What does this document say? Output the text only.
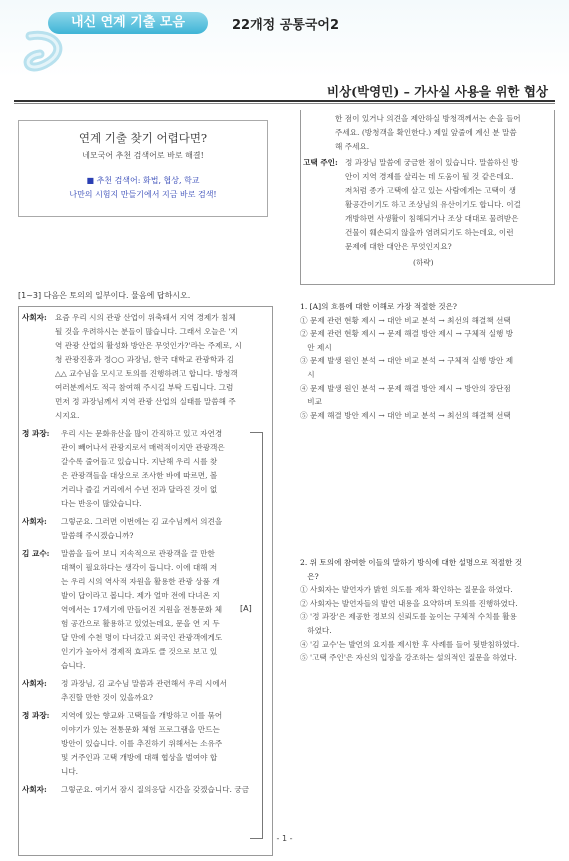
내신 연계 기출 모음	22개정 공통국어2
비상(박영민) – 가사실 사용을 위한 협상
연계 기출 찾기 어렵다면?
네모국어 추천 검색어로 바로 해결!
■ 추천 검색어: 화법, 협상, 학교
나만의 시험지 만들기에서 지금 바로 검색!
한 점이 있거나 의견을 제안하실 방청객께서는 손을 들어
주세요. (방청객을 확인한다.) 제일 앞줄에 계신 분 말씀
해 주세요.
고택 주인: 정 과장님 말씀에 궁금한 점이 있습니다. 말씀하신 방
안이 지역 경제를 살리는 데 도움이 될 것 같은데요.
저처럼 종가 고택에 살고 있는 사람에게는 고택이 생
활공간이기도 하고 조상님의 유산이기도 합니다. 이걸
개방하면 사생활이 침해되거나 조상 대대로 물려받은
건물이 훼손되지 않을까 염려되기도 하는데요, 이런
문제에 대한 대안은 무엇인지요?
(하략)
[1~3] 다음은 토의의 일부이다. 물음에 답하시오.
사회자: 요즘 우리 시의 관광 산업이 위축돼서 지역 경제가 침체
될 것을 우려하시는 분들이 많습니다. 그래서 오늘은 '지
역 관광 산업의 활성화 방안은 무엇인가?'라는 주제로, 시
청 관광진흥과 정○○ 과장님, 한국 대학교 관광학과 김
△△ 교수님을 모시고 토의를 진행하려고 합니다. 방청객
여러분께서도 적극 참여해 주시길 부탁 드립니다. 그럼
먼저 정 과장님께서 지역 관광 산업의 실태를 말씀해 주
시지요.
정 과장: 우리 시는 문화유산을 많이 간직하고 있고 자연경
관이 빼어나서 관광지로서 매력적이지만 관광객은
갈수록 줄어들고 있습니다. 지난해 우리 시를 찾
은 관광객들을 대상으로 조사한 바에 따르면, 볼
거리나 즐길 거리에서 수년 전과 달라진 것이 없
다는 반응이 많았습니다.
사회자: 그렇군요. 그러면 이번에는 김 교수님께서 의견을
말씀해 주시겠습니까?
김 교수: 말씀을 들어 보니 지속적으로 관광객을 끌 만한
대책이 필요하다는 생각이 듭니다. 이에 대해 저
는 우리 시의 역사적 자원을 활용한 관광 상품 개
발이 답이라고 봅니다. 제가 얼마 전에 다녀온 지
역에서는 17세기에 만들어진 지원을 전통문화 체
험 공간으로 활용하고 있었는데요, 문을 연 지 두
달 만에 수천 명이 다녀갔고 외국인 관광객에게도
인기가 높아서 경제적 효과도 클 것으로 보고 있
습니다.
사회자: 정 과장님, 김 교수님 말씀과 관련해서 우리 시에서
추진할 만한 것이 있을까요?
정 과장: 지역에 있는 향교와 고택들을 개방하고 이를 묶어
이야기가 있는 전통문화 체험 프로그램을 만드는
방안이 있습니다. 이를 추진하기 위해서는 소유주
및 거주인과 고택 개방에 대해 협상을 벌여야 합
니다.
사회자: 그렇군요. 여기서 잠시 질의응답 시간을 갖겠습니다. 궁금
[A]
1. [A]의 흐름에 대한 이해로 가장 적절한 것은?
① 문제 관련 현황 제시 → 대안 비교 분석 → 최선의 해결책 선택
② 문제 관련 현황 제시 → 문제 해결 방안 제시 → 구체적 실행 방
안 제시
③ 문제 발생 원인 분석 → 대안 비교 분석 → 구체적 실행 방안 제
시
④ 문제 발생 원인 분석 → 문제 해결 방안 제시 → 방안의 장단점
비교
⑤ 문제 해결 방안 제시 → 대안 비교 분석 → 최선의 해결책 선택
2. 위 토의에 참여한 이들의 말하기 방식에 대한 설명으로 적절한 것
은?
① 사회자는 발언자가 밝힌 의도를 재차 확인하는 질문을 하였다.
② 사회자는 발언자들의 발언 내용을 요약하며 토의를 진행하였다.
③ '정 과장'은 제공한 정보의 신뢰도를 높이는 구체적 수치를 활용
하였다.
④ '김 교수'는 발언의 요지를 제시한 후 사례를 들어 뒷받침하였다.
⑤ '고택 주인'은 자신의 입장을 강조하는 설의적인 질문을 하였다.
- 1 -
